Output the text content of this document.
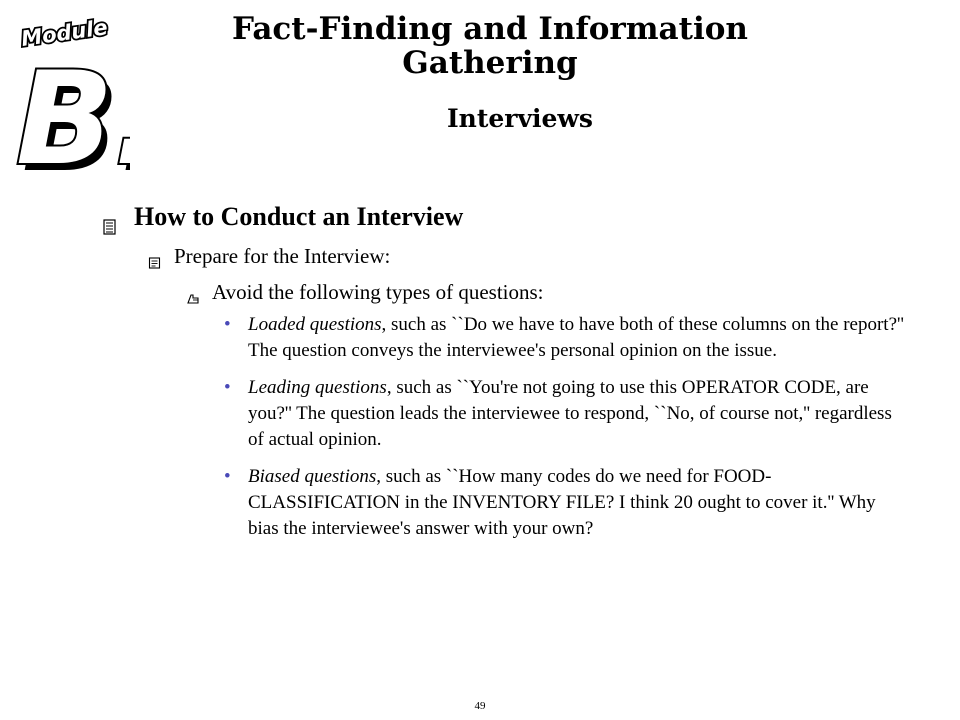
Module
B
B
Fact-Finding and Information Gathering
Interviews
How to Conduct an Interview
Prepare for the Interview:
Avoid the following types of questions:
• Loaded questions, such as ``Do we have to have both of these columns on the report?'' The question conveys the interviewee's personal opinion on the issue.
• Leading questions, such as ``You're not going to use this OPERATOR CODE, are you?'' The question leads the interviewee to respond, ``No, of course not,'' regardless of actual opinion.
• Biased questions, such as ``How many codes do we need for FOOD-CLASSIFICATION in the INVENTORY FILE? I think 20 ought to cover it.'' Why bias the interviewee's answer with your own?
49
